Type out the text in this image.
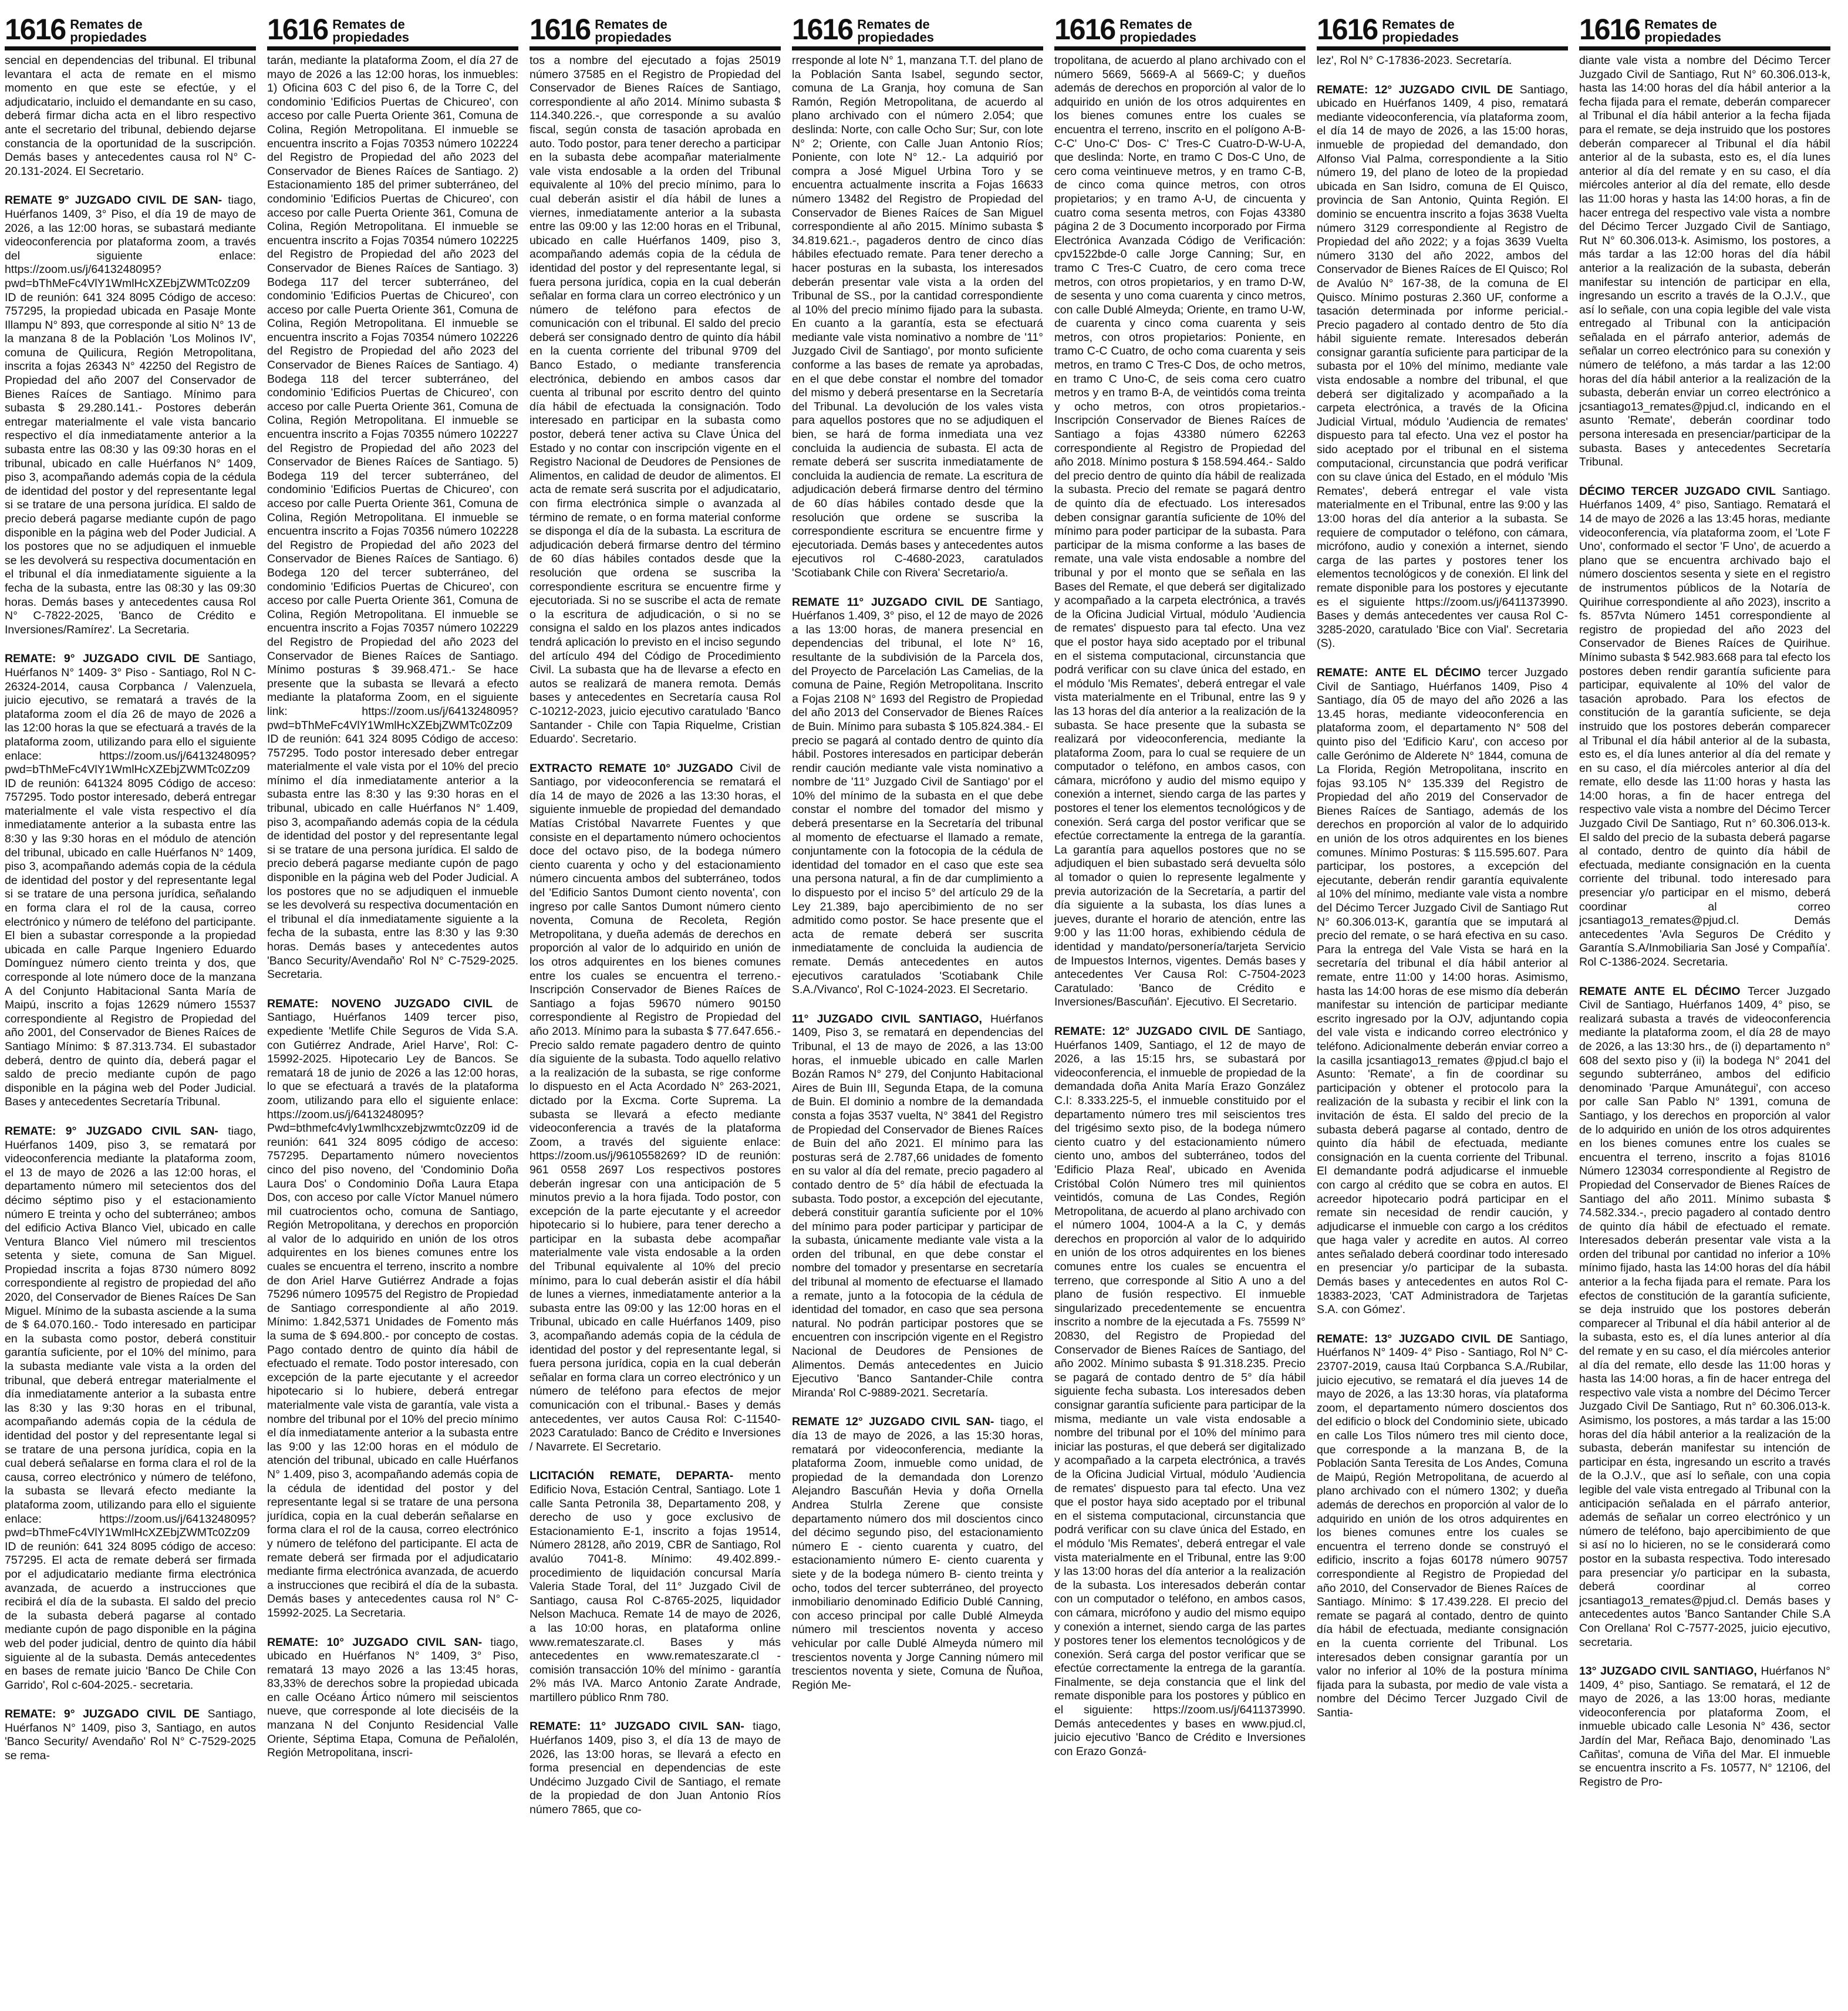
1616 Remates de
propiedades

sencial en dependencias del tribunal. El tribunal levantara el acta de remate en el mismo momento en que este se efectúe, y el adjudicatario, incluido el demandante en su caso, deberá firmar dicha acta en el libro respectivo ante el secretario del tribunal, debiendo dejarse constancia de la oportunidad de la suscripción. Demás bases y antecedentes causa rol N° C-20.131-2024. El Secretario.

REMATE 9° JUZGADO CIVIL DE SAN- tiago, Huérfanos 1409, 3° Piso, el día 19 de mayo de 2026, a las 12:00 horas, se subastará mediante videoconferencia por plataforma zoom, a través del siguiente enlace: https://zoom.us/j/6413248095?pwd=bThMeFc4VlY1WmlHcXZEbjZWMTc0Zz09 ID de reunión: 641 324 8095 Código de acceso: 757295, la propiedad ubicada en Pasaje Monte Illampu N° 893, que corresponde al sitio N° 13 de la manzana 8 de la Población 'Los Molinos IV', comuna de Quilicura, Región Metropolitana, inscrita a fojas 26343 N° 42250 del Registro de Propiedad del año 2007 del Conservador de Bienes Raíces de Santiago. Mínimo para subasta $ 29.280.141.- Postores deberán entregar materialmente el vale vista bancario respectivo el día inmediatamente anterior a la subasta entre las 08:30 y las 09:30 horas en el tribunal, ubicado en calle Huérfanos N° 1409, piso 3, acompañando además copia de la cédula de identidad del postor y del representante legal si se tratare de una persona jurídica. El saldo de precio deberá pagarse mediante cupón de pago disponible en la página web del Poder Judicial. A los postores que no se adjudiquen el inmueble se les devolverá su respectiva documentación en el tribunal el día inmediatamente siguiente a la fecha de la subasta, entre las 08:30 y las 09:30 horas. Demás bases y antecedentes causa Rol N° C-7822-2025, 'Banco de Crédito e Inversiones/Ramírez'. La Secretaria.

REMATE: 9° JUZGADO CIVIL DE Santiago, Huérfanos N° 1409- 3° Piso - Santiago, Rol N C-26324-2014, causa Corpbanca / Valenzuela, juicio ejecutivo, se rematará a través de la plataforma zoom el día 26 de mayo de 2026 a las 12:00 horas la que se efectuará a través de la plataforma zoom, utilizando para ello el siguiente enlace: https://zoom.us/j/6413248095? pwd=bThMeFc4VlY1WmlHcXZEbjZWMTc0Zz09 ID de reunión: 641324 8095 Código de acceso: 757295. Todo postor interesado, deberá entregar materialmente el vale vista respectivo el día inmediatamente anterior a la subasta entre las 8:30 y las 9:30 horas en el módulo de atención del tribunal, ubicado en calle Huérfanos N° 1409, piso 3, acompañando además copia de la cédula de identidad del postor y del representante legal si se tratare de una persona jurídica, señalando en forma clara el rol de la causa, correo electrónico y número de teléfono del participante. El bien a subastar corresponde a la propiedad ubicada en calle Parque Ingeniero Eduardo Domínguez número ciento treinta y dos, que corresponde al lote número doce de la manzana A del Conjunto Habitacional Santa María de Maipú, inscrito a fojas 12629 número 15537 correspondiente al Registro de Propiedad del año 2001, del Conservador de Bienes Raíces de Santiago Mínimo: $ 87.313.734. El subastador deberá, dentro de quinto día, deberá pagar el saldo de precio mediante cupón de pago disponible en la página web del Poder Judicial. Bases y antecedentes Secretaría Tribunal.

REMATE: 9° JUZGADO CIVIL SAN- tiago, Huérfanos 1409, piso 3, se rematará por videoconferencia mediante la plataforma zoom, el 13 de mayo de 2026 a las 12:00 horas, el departamento número mil setecientos dos del décimo séptimo piso y el estacionamiento número E treinta y ocho del subterráneo; ambos del edificio Activa Blanco Viel, ubicado en calle Ventura Blanco Viel número mil trescientos setenta y siete, comuna de San Miguel. Propiedad inscrita a fojas 8730 número 8092 correspondiente al registro de propiedad del año 2020, del Conservador de Bienes Raíces De San Miguel. Mínimo de la subasta asciende a la suma de $ 64.070.160.- Todo interesado en participar en la subasta como postor, deberá constituir garantía suficiente, por el 10% del mínimo, para la subasta mediante vale vista a la orden del tribunal, que deberá entregar materialmente el día inmediatamente anterior a la subasta entre las 8:30 y las 9:30 horas en el tribunal, acompañando además copia de la cédula de identidad del postor y del representante legal si se tratare de una persona jurídica, copia en la cual deberá señalarse en forma clara el rol de la causa, correo electrónico y número de teléfono, la subasta se llevará efecto mediante la plataforma zoom, utilizando para ello el siguiente enlace: https://zoom.us/j/6413248095?pwd=bThmeFc4VlY1WmlHcXZEbjZWMTc0Zz09 ID de reunión: 641 324 8095 código de acceso: 757295. El acta de remate deberá ser firmada por el adjudicatario mediante firma electrónica avanzada, de acuerdo a instrucciones que recibirá el día de la subasta. El saldo del precio de la subasta deberá pagarse al contado mediante cupón de pago disponible en la página web del poder judicial, dentro de quinto día hábil siguiente al de la subasta. Demás antecedentes en bases de remate juicio 'Banco De Chile Con Garrido', Rol c-604-2025.- secretaria.

REMATE: 9° JUZGADO CIVIL DE Santiago, Huérfanos N° 1409, piso 3, Santiago, en autos 'Banco Security/ Avendaño' Rol N° C-7529-2025 se rema-

1616 Remates de
propiedades

tarán, mediante la plataforma Zoom, el día 27 de mayo de 2026 a las 12:00 horas, los inmuebles: 1) Oficina 603 C del piso 6, de la Torre C, del condominio 'Edificios Puertas de Chicureo', con acceso por calle Puerta Oriente 361, Comuna de Colina, Región Metropolitana. El inmueble se encuentra inscrito a Fojas 70353 número 102224 del Registro de Propiedad del año 2023 del Conservador de Bienes Raíces de Santiago. 2) Estacionamiento 185 del primer subterráneo, del condominio 'Edificios Puertas de Chicureo', con acceso por calle Puerta Oriente 361, Comuna de Colina, Región Metropolitana. El inmueble se encuentra inscrito a Fojas 70354 número 102225 del Registro de Propiedad del año 2023 del Conservador de Bienes Raíces de Santiago. 3) Bodega 117 del tercer subterráneo, del condominio 'Edificios Puertas de Chicureo', con acceso por calle Puerta Oriente 361, Comuna de Colina, Región Metropolitana. El inmueble se encuentra inscrito a Fojas 70354 número 102226 del Registro de Propiedad del año 2023 del Conservador de Bienes Raíces de Santiago. 4) Bodega 118 del tercer subterráneo, del condominio 'Edificios Puertas de Chicureo', con acceso por calle Puerta Oriente 361, Comuna de Colina, Región Metropolitana. El inmueble se encuentra inscrito a Fojas 70355 número 102227 del Registro de Propiedad del año 2023 del Conservador de Bienes Raíces de Santiago. 5) Bodega 119 del tercer subterráneo, del condominio 'Edificios Puertas de Chicureo', con acceso por calle Puerta Oriente 361, Comuna de Colina, Región Metropolitana. El inmueble se encuentra inscrito a Fojas 70356 número 102228 del Registro de Propiedad del año 2023 del Conservador de Bienes Raíces de Santiago. 6) Bodega 120 del tercer subterráneo, del condominio 'Edificios Puertas de Chicureo', con acceso por calle Puerta Oriente 361, Comuna de Colina, Región Metropolitana. El inmueble se encuentra inscrito a Fojas 70357 número 102229 del Registro de Propiedad del año 2023 del Conservador de Bienes Raíces de Santiago. Mínimo posturas $ 39.968.471.- Se hace presente que la subasta se llevará a efecto mediante la plataforma Zoom, en el siguiente link: https://zoom.us/j/6413248095? pwd=bThMeFc4VlY1WmlHcXZEbjZWMTc0Zz09 ID de reunión: 641 324 8095 Código de acceso: 757295. Todo postor interesado deber entregar materialmente el vale vista por el 10% del precio mínimo el día inmediatamente anterior a la subasta entre las 8:30 y las 9:30 horas en el tribunal, ubicado en calle Huérfanos N° 1.409, piso 3, acompañando además copia de la cédula de identidad del postor y del representante legal si se tratare de una persona jurídica. El saldo de precio deberá pagarse mediante cupón de pago disponible en la página web del Poder Judicial. A los postores que no se adjudiquen el inmueble se les devolverá su respectiva documentación en el tribunal el día inmediatamente siguiente a la fecha de la subasta, entre las 8:30 y las 9:30 horas. Demás bases y antecedentes autos 'Banco Security/Avendaño' Rol N° C-7529-2025. Secretaria.

REMATE: NOVENO JUZGADO CIVIL de Santiago, Huérfanos 1409 tercer piso, expediente 'Metlife Chile Seguros de Vida S.A. con Gutiérrez Andrade, Ariel Harve', Rol: C-15992-2025. Hipotecario Ley de Bancos. Se rematará 18 de junio de 2026 a las 12:00 horas, lo que se efectuará a través de la plataforma zoom, utilizando para ello el siguiente enlace: https://zoom.us/j/6413248095? Pwd=bthmefc4vly1wmlhcxzebjzwmtc0zz09 id de reunión: 641 324 8095 código de acceso: 757295. Departamento número novecientos cinco del piso noveno, del 'Condominio Doña Laura Dos' o Condominio Doña Laura Etapa Dos, con acceso por calle Víctor Manuel número mil cuatrocientos ocho, comuna de Santiago, Región Metropolitana, y derechos en proporción al valor de lo adquirido en unión de los otros adquirentes en los bienes comunes entre los cuales se encuentra el terreno, inscrito a nombre de don Ariel Harve Gutiérrez Andrade a fojas 75296 número 109575 del Registro de Propiedad de Santiago correspondiente al año 2019. Mínimo: 1.842,5371 Unidades de Fomento más la suma de $ 694.800.- por concepto de costas. Pago contado dentro de quinto día hábil de efectuado el remate. Todo postor interesado, con excepción de la parte ejecutante y el acreedor hipotecario si lo hubiere, deberá entregar materialmente vale vista de garantía, vale vista a nombre del tribunal por el 10% del precio mínimo el día inmediatamente anterior a la subasta entre las 9:00 y las 12:00 horas en el módulo de atención del tribunal, ubicado en calle Huérfanos N° 1.409, piso 3, acompañando además copia de la cédula de identidad del postor y del representante legal si se tratare de una persona jurídica, copia en la cual deberán señalarse en forma clara el rol de la causa, correo electrónico y número de teléfono del participante. El acta de remate deberá ser firmada por el adjudicatario mediante firma electrónica avanzada, de acuerdo a instrucciones que recibirá el día de la subasta. Demás bases y antecedentes causa rol N° C-15992-2025. La Secretaria.

REMATE: 10° JUZGADO CIVIL SAN- tiago, ubicado en Huérfanos N° 1409, 3° Piso, rematará 13 mayo 2026 a las 13:45 horas, 83,33% de derechos sobre la propiedad ubicada en calle Océano Ártico número mil seiscientos nueve, que corresponde al lote dieciséis de la manzana N del Conjunto Residencial Valle Oriente, Séptima Etapa, Comuna de Peñalolén, Región Metropolitana, inscri-

1616 Remates de
propiedades

tos a nombre del ejecutado a fojas 25019 número 37585 en el Registro de Propiedad del Conservador de Bienes Raíces de Santiago, correspondiente al año 2014. Mínimo subasta $ 114.340.226.-, que corresponde a su avalúo fiscal, según consta de tasación aprobada en auto. Todo postor, para tener derecho a participar en la subasta debe acompañar materialmente vale vista endosable a la orden del Tribunal equivalente al 10% del precio mínimo, para lo cual deberán asistir el día hábil de lunes a viernes, inmediatamente anterior a la subasta entre las 09:00 y las 12:00 horas en el Tribunal, ubicado en calle Huérfanos 1409, piso 3, acompañando además copia de la cédula de identidad del postor y del representante legal, si fuera persona jurídica, copia en la cual deberán señalar en forma clara un correo electrónico y un número de teléfono para efectos de comunicación con el tribunal. El saldo del precio deberá ser consignado dentro de quinto día hábil en la cuenta corriente del tribunal 9709 del Banco Estado, o mediante transferencia electrónica, debiendo en ambos casos dar cuenta al tribunal por escrito dentro del quinto día hábil de efectuada la consignación. Todo interesado en participar en la subasta como postor, deberá tener activa su Clave Única del Estado y no contar con inscripción vigente en el Registro Nacional de Deudores de Pensiones de Alimentos, en calidad de deudor de alimentos. El acta de remate será suscrita por el adjudicatario, con firma electrónica simple o avanzada al término de remate, o en forma material conforme se disponga el día de la subasta. La escritura de adjudicación deberá firmarse dentro del término de 60 días hábiles contados desde que la resolución que ordena se suscriba la correspondiente escritura se encuentre firme y ejecutoriada. Si no se suscribe el acta de remate o la escritura de adjudicación, o si no se consigna el saldo en los plazos antes indicados tendrá aplicación lo previsto en el inciso segundo del artículo 494 del Código de Procedimiento Civil. La subasta que ha de llevarse a efecto en autos se realizará de manera remota. Demás bases y antecedentes en Secretaría causa Rol C-10212-2023, juicio ejecutivo caratulado 'Banco Santander - Chile con Tapia Riquelme, Cristian Eduardo'. Secretario.

EXTRACTO REMATE 10° JUZGADO Civil de Santiago, por videoconferencia se rematará el día 14 de mayo de 2026 a las 13:30 horas, el siguiente inmueble de propiedad del demandado Matías Cristóbal Navarrete Fuentes y que consiste en el departamento número ochocientos doce del octavo piso, de la bodega número ciento cuarenta y ocho y del estacionamiento número cincuenta ambos del subterráneo, todos del 'Edificio Santos Dumont ciento noventa', con ingreso por calle Santos Dumont número ciento noventa, Comuna de Recoleta, Región Metropolitana, y dueña además de derechos en proporción al valor de lo adquirido en unión de los otros adquirentes en los bienes comunes entre los cuales se encuentra el terreno.- Inscripción Conservador de Bienes Raíces de Santiago a fojas 59670 número 90150 correspondiente al Registro de Propiedad del año 2013. Mínimo para la subasta $ 77.647.656.- Precio saldo remate pagadero dentro de quinto día siguiente de la subasta. Todo aquello relativo a la realización de la subasta, se rige conforme lo dispuesto en el Acta Acordado N° 263-2021, dictado por la Excma. Corte Suprema. La subasta se llevará a efecto mediante videoconferencia a través de la plataforma Zoom, a través del siguiente enlace: https://zoom.us/j/9610558269? ID de reunión: 961 0558 2697 Los respectivos postores deberán ingresar con una anticipación de 5 minutos previo a la hora fijada. Todo postor, con excepción de la parte ejecutante y el acreedor hipotecario si lo hubiere, para tener derecho a participar en la subasta debe acompañar materialmente vale vista endosable a la orden del Tribunal equivalente al 10% del precio mínimo, para lo cual deberán asistir el día hábil de lunes a viernes, inmediatamente anterior a la subasta entre las 09:00 y las 12:00 horas en el Tribunal, ubicado en calle Huérfanos 1409, piso 3, acompañando además copia de la cédula de identidad del postor y del representante legal, si fuera persona jurídica, copia en la cual deberán señalar en forma clara un correo electrónico y un número de teléfono para efectos de mejor comunicación con el tribunal.- Bases y demás antecedentes, ver autos Causa Rol: C-11540-2023 Caratulado: Banco de Crédito e Inversiones / Navarrete. El Secretario.

LICITACIÓN REMATE, DEPARTA- mento Edificio Nova, Estación Central, Santiago. Lote 1 calle Santa Petronila 38, Departamento 208, y derecho de uso y goce exclusivo de Estacionamiento E-1, inscrito a fojas 19514, Número 28128, año 2019, CBR de Santiago, Rol avalúo 7041-8. Mínimo: 49.402.899.- procedimiento de liquidación concursal María Valeria Stade Toral, del 11° Juzgado Civil de Santiago, causa Rol C-8765-2025, liquidador Nelson Machuca. Remate 14 de mayo de 2026, a las 10:00 horas, en plataforma online www.remateszarate.cl. Bases y más antecedentes en www.remateszarate.cl - comisión transacción 10% del mínimo - garantía 2% más IVA. Marco Antonio Zarate Andrade, martillero público Rnm 780.

REMATE: 11° JUZGADO CIVIL SAN- tiago, Huérfanos 1409, piso 3, el día 13 de mayo de 2026, las 13:00 horas, se llevará a efecto en forma presencial en dependencias de este Undécimo Juzgado Civil de Santiago, el remate de la propiedad de don Juan Antonio Ríos número 7865, que co-

1616 Remates de
propiedades

rresponde al lote N° 1, manzana T.T. del plano de la Población Santa Isabel, segundo sector, comuna de La Granja, hoy comuna de San Ramón, Región Metropolitana, de acuerdo al plano archivado con el número 2.054; que deslinda: Norte, con calle Ocho Sur; Sur, con lote N° 2; Oriente, con Calle Juan Antonio Ríos; Poniente, con lote N° 12.- La adquirió por compra a José Miguel Urbina Toro y se encuentra actualmente inscrita a Fojas 16633 número 13482 del Registro de Propiedad del Conservador de Bienes Raíces de San Miguel correspondiente al año 2015. Mínimo subasta $ 34.819.621.-, pagaderos dentro de cinco días hábiles efectuado remate. Para tener derecho a hacer posturas en la subasta, los interesados deberán presentar vale vista a la orden del Tribunal de SS., por la cantidad correspondiente al 10% del precio mínimo fijado para la subasta. En cuanto a la garantía, esta se efectuará mediante vale vista nominativo a nombre de '11° Juzgado Civil de Santiago', por monto suficiente conforme a las bases de remate ya aprobadas, en el que debe constar el nombre del tomador del mismo y deberá presentarse en la Secretaría del Tribunal. La devolución de los vales vista para aquellos postores que no se adjudiquen el bien, se hará de forma inmediata una vez concluida la audiencia de subasta. El acta de remate deberá ser suscrita inmediatamente de concluida la audiencia de remate. La escritura de adjudicación deberá firmarse dentro del término de 60 días hábiles contado desde que la resolución que ordene se suscriba la correspondiente escritura se encuentre firme y ejecutoriada. Demás bases y antecedentes autos ejecutivos rol C-4680-2023, caratulados 'Scotiabank Chile con Rivera' Secretario/a.

REMATE 11° JUZGADO CIVIL DE Santiago, Huérfanos 1.409, 3° piso, el 12 de mayo de 2026 a las 13:00 horas, de manera presencial en dependencias del tribunal, el lote N° 16, resultante de la subdivisión de la Parcela dos, del Proyecto de Parcelación Las Camelias, de la comuna de Paine, Región Metropolitana. Inscrito a Fojas 2108 N° 1693 del Registro de Propiedad del año 2013 del Conservador de Bienes Raíces de Buin. Mínimo para subasta $ 105.824.384.- El precio se pagará al contado dentro de quinto día hábil. Postores interesados en participar deberán rendir caución mediante vale vista nominativo a nombre de '11° Juzgado Civil de Santiago' por el 10% del mínimo de la subasta en el que debe constar el nombre del tomador del mismo y deberá presentarse en la Secretaría del tribunal al momento de efectuarse el llamado a remate, conjuntamente con la fotocopia de la cédula de identidad del tomador en el caso que este sea una persona natural, a fin de dar cumplimiento a lo dispuesto por el inciso 5° del artículo 29 de la Ley 21.389, bajo apercibimiento de no ser admitido como postor. Se hace presente que el acta de remate deberá ser suscrita inmediatamente de concluida la audiencia de remate. Demás antecedentes en autos ejecutivos caratulados 'Scotiabank Chile S.A./Vivanco', Rol C-1024-2023. El Secretario.

11° JUZGADO CIVIL SANTIAGO, Huérfanos 1409, Piso 3, se rematará en dependencias del Tribunal, el 13 de mayo de 2026, a las 13:00 horas, el inmueble ubicado en calle Marlen Bozán Ramos N° 279, del Conjunto Habitacional Aires de Buin III, Segunda Etapa, de la comuna de Buin. El dominio a nombre de la demandada consta a fojas 3537 vuelta, N° 3841 del Registro de Propiedad del Conservador de Bienes Raíces de Buin del año 2021. El mínimo para las posturas será de 2.787,66 unidades de fomento en su valor al día del remate, precio pagadero al contado dentro de 5° día hábil de efectuada la subasta. Todo postor, a excepción del ejecutante, deberá constituir garantía suficiente por el 10% del mínimo para poder participar y participar de la subasta, únicamente mediante vale vista a la orden del tribunal, en que debe constar el nombre del tomador y presentarse en secretaría del tribunal al momento de efectuarse el llamado a remate, junto a la fotocopia de la cédula de identidad del tomador, en caso que sea persona natural. No podrán participar postores que se encuentren con inscripción vigente en el Registro Nacional de Deudores de Pensiones de Alimentos. Demás antecedentes en Juicio Ejecutivo 'Banco Santander-Chile contra Miranda' Rol C-9889-2021. Secretaría.

REMATE 12° JUZGADO CIVIL SAN- tiago, el día 13 de mayo de 2026, a las 15:30 horas, rematará por videoconferencia, mediante la plataforma Zoom, inmueble como unidad, de propiedad de la demandada don Lorenzo Alejandro Bascuñán Hevia y doña Ornella Andrea Stulrla Zerene que consiste departamento número dos mil doscientos cinco del décimo segundo piso, del estacionamiento número E - ciento cuarenta y cuatro, del estacionamiento número E- ciento cuarenta y siete y de la bodega número B- ciento treinta y ocho, todos del tercer subterráneo, del proyecto inmobiliario denominado Edificio Dublé Canning, con acceso principal por calle Dublé Almeyda número mil trescientos noventa y acceso vehicular por calle Dublé Almeyda número mil trescientos noventa y Jorge Canning número mil trescientos noventa y siete, Comuna de Ñuñoa, Región Me-

1616 Remates de
propiedades

tropolitana, de acuerdo al plano archivado con el número 5669, 5669-A al 5669-C; y dueños además de derechos en proporción al valor de lo adquirido en unión de los otros adquirentes en los bienes comunes entre los cuales se encuentra el terreno, inscrito en el polígono A-B-C-C' Uno-C' Dos- C' Tres-C Cuatro-D-W-U-A, que deslinda: Norte, en tramo C Dos-C Uno, de cero coma veintinueve metros, y en tramo C-B, de cinco coma quince metros, con otros propietarios; y en tramo A-U, de cincuenta y cuatro coma sesenta metros, con Fojas 43380 página 2 de 3 Documento incorporado por Firma Electrónica Avanzada Código de Verificación: cpv1522bde-0 calle Jorge Canning; Sur, en tramo C Tres-C Cuatro, de cero coma trece metros, con otros propietarios, y en tramo D-W, de sesenta y uno coma cuarenta y cinco metros, con calle Dublé Almeyda; Oriente, en tramo U-W, de cuarenta y cinco coma cuarenta y seis metros, con otros propietarios: Poniente, en tramo C-C Cuatro, de ocho coma cuarenta y seis metros, en tramo C Tres-C Dos, de ocho metros, en tramo C Uno-C, de seis coma cero cuatro metros y en tramo B-A, de veintidós coma treinta y ocho metros, con otros propietarios.- Inscripción Conservador de Bienes Raíces de Santiago a fojas 43380 número 62263 correspondiente al Registro de Propiedad del año 2018. Mínimo postura $ 158.594.464.- Saldo del precio dentro de quinto día hábil de realizada la subasta. Precio del remate se pagará dentro de quinto día de efectuado. Los interesados deben consignar garantía suficiente de 10% del mínimo para poder participar de la subasta. Para participar de la misma conforme a las bases de remate, una vale vista endosable a nombre del tribunal y por el monto que se señala en las Bases del Remate, el que deberá ser digitalizado y acompañado a la carpeta electrónica, a través de la Oficina Judicial Virtual, módulo 'Audiencia de remates' dispuesto para tal efecto. Una vez que el postor haya sido aceptado por el tribunal en el sistema computacional, circunstancia que podrá verificar con su clave única del estado, en el módulo 'Mis Remates', deberá entregar el vale vista materialmente en el Tribunal, entre las 9 y las 13 horas del día anterior a la realización de la subasta. Se hace presente que la subasta se realizará por videoconferencia, mediante la plataforma Zoom, para lo cual se requiere de un computador o teléfono, en ambos casos, con cámara, micrófono y audio del mismo equipo y conexión a internet, siendo carga de las partes y postores el tener los elementos tecnológicos y de conexión. Será carga del postor verificar que se efectúe correctamente la entrega de la garantía. La garantía para aquellos postores que no se adjudiquen el bien subastado será devuelta sólo al tomador o quien lo represente legalmente y previa autorización de la Secretaría, a partir del día siguiente a la subasta, los días lunes a jueves, durante el horario de atención, entre las 9:00 y las 11:00 horas, exhibiendo cédula de identidad y mandato/personería/tarjeta Servicio de Impuestos Internos, vigentes. Demás bases y antecedentes Ver Causa Rol: C-7504-2023 Caratulado: 'Banco de Crédito e Inversiones/Bascuñán'. Ejecutivo. El Secretario.

REMATE: 12° JUZGADO CIVIL DE Santiago, Huérfanos 1409, Santiago, el 12 de mayo de 2026, a las 15:15 hrs, se subastará por videoconferencia, el inmueble de propiedad de la demandada doña Anita María Erazo González C.I: 8.333.225-5, el inmueble constituido por el departamento número tres mil seiscientos tres del trigésimo sexto piso, de la bodega número ciento cuatro y del estacionamiento número ciento uno, ambos del subterráneo, todos del 'Edificio Plaza Real', ubicado en Avenida Cristóbal Colón Número tres mil quinientos veintidós, comuna de Las Condes, Región Metropolitana, de acuerdo al plano archivado con el número 1004, 1004-A a la C, y demás derechos en proporción al valor de lo adquirido en unión de los otros adquirentes en los bienes comunes entre los cuales se encuentra el terreno, que corresponde al Sitio A uno a del plano de fusión respectivo. El inmueble singularizado precedentemente se encuentra inscrito a nombre de la ejecutada a Fs. 75599 N° 20830, del Registro de Propiedad del Conservador de Bienes Raíces de Santiago, del año 2002. Mínimo subasta $ 91.318.235. Precio se pagará de contado dentro de 5° día hábil siguiente fecha subasta. Los interesados deben consignar garantía suficiente para participar de la misma, mediante un vale vista endosable a nombre del tribunal por el 10% del mínimo para iniciar las posturas, el que deberá ser digitalizado y acompañado a la carpeta electrónica, a través de la Oficina Judicial Virtual, módulo 'Audiencia de remates' dispuesto para tal efecto. Una vez que el postor haya sido aceptado por el tribunal en el sistema computacional, circunstancia que podrá verificar con su clave única del Estado, en el módulo 'Mis Remates', deberá entregar el vale vista materialmente en el Tribunal, entre las 9:00 y las 13:00 horas del día anterior a la realización de la subasta. Los interesados deberán contar con un computador o teléfono, en ambos casos, con cámara, micrófono y audio del mismo equipo y conexión a internet, siendo carga de las partes y postores tener los elementos tecnológicos y de conexión. Será carga del postor verificar que se efectúe correctamente la entrega de la garantía. Finalmente, se deja constancia que el link del remate disponible para los postores y público en el siguiente: https://zoom.us/j/6411373990. Demás antecedentes y bases en www.pjud.cl, juicio ejecutivo 'Banco de Crédito e Inversiones con Erazo Gonzá-

1616 Remates de
propiedades

lez', Rol N° C-17836-2023. Secretaría.

REMATE: 12° JUZGADO CIVIL DE Santiago, ubicado en Huérfanos 1409, 4 piso, rematará mediante videoconferencia, vía plataforma zoom, el día 14 de mayo de 2026, a las 15:00 horas, inmueble de propiedad del demandado, don Alfonso Vial Palma, correspondiente a la Sitio número 19, del plano de loteo de la propiedad ubicada en San Isidro, comuna de El Quisco, provincia de San Antonio, Quinta Región. El dominio se encuentra inscrito a fojas 3638 Vuelta número 3129 correspondiente al Registro de Propiedad del año 2022; y a fojas 3639 Vuelta número 3130 del año 2022, ambos del Conservador de Bienes Raíces de El Quisco; Rol de Avalúo N° 167-38, de la comuna de El Quisco. Mínimo posturas 2.360 UF, conforme a tasación determinada por informe pericial.- Precio pagadero al contado dentro de 5to día hábil siguiente remate. Interesados deberán consignar garantía suficiente para participar de la subasta por el 10% del mínimo, mediante vale vista endosable a nombre del tribunal, el que deberá ser digitalizado y acompañado a la carpeta electrónica, a través de la Oficina Judicial Virtual, módulo 'Audiencia de remates' dispuesto para tal efecto. Una vez el postor ha sido aceptado por el tribunal en el sistema computacional, circunstancia que podrá verificar con su clave única del Estado, en el módulo 'Mis Remates', deberá entregar el vale vista materialmente en el Tribunal, entre las 9:00 y las 13:00 horas del día anterior a la subasta. Se requiere de computador o teléfono, con cámara, micrófono, audio y conexión a internet, siendo carga de las partes y postores tener los elementos tecnológicos y de conexión. El link del remate disponible para los postores y ejecutante es el siguiente https://zoom.us/j/6411373990. Bases y demás antecedentes ver causa Rol C-3285-2020, caratulado 'Bice con Vial'. Secretaria (S).

REMATE: ANTE EL DÉCIMO tercer Juzgado Civil de Santiago, Huérfanos 1409, Piso 4 Santiago, día 05 de mayo del año 2026 a las 13.45 horas, mediante videoconferencia en plataforma zoom, el departamento N° 508 del quinto piso del 'Edificio Karu', con acceso por calle Gerónimo de Alderete N° 1844, comuna de La Florida, Región Metropolitana, inscrito en fojas 93.105 N° 135.339 del Registro de Propiedad del año 2019 del Conservador de Bienes Raíces de Santiago, además de los derechos en proporción al valor de lo adquirido en unión de los otros adquirentes en los bienes comunes. Mínimo Posturas: $ 115.595.607. Para participar, los postores, a excepción del ejecutante, deberán rendir garantía equivalente al 10% del mínimo, mediante vale vista a nombre del Décimo Tercer Juzgado Civil de Santiago Rut N° 60.306.013-K, garantía que se imputará al precio del remate, o se hará efectiva en su caso. Para la entrega del Vale Vista se hará en la secretaría del tribunal el día hábil anterior al remate, entre 11:00 y 14:00 horas. Asimismo, hasta las 14:00 horas de ese mismo día deberán manifestar su intención de participar mediante escrito ingresado por la OJV, adjuntando copia del vale vista e indicando correo electrónico y teléfono. Adicionalmente deberán enviar correo a la casilla jcsantiago13_remates @pjud.cl bajo el Asunto: 'Remate', a fin de coordinar su participación y obtener el protocolo para la realización de la subasta y recibir el link con la invitación de ésta. El saldo del precio de la subasta deberá pagarse al contado, dentro de quinto día hábil de efectuada, mediante consignación en la cuenta corriente del Tribunal. El demandante podrá adjudicarse el inmueble con cargo al crédito que se cobra en autos. El acreedor hipotecario podrá participar en el remate sin necesidad de rendir caución, y adjudicarse el inmueble con cargo a los créditos que haga valer y acredite en autos. Al correo antes señalado deberá coordinar todo interesado en presenciar y/o participar de la subasta. Demás bases y antecedentes en autos Rol C-18383-2023, 'CAT Administradora de Tarjetas S.A. con Gómez'.

REMATE: 13° JUZGADO CIVIL DE Santiago, Huérfanos N° 1409- 4° Piso - Santiago, Rol N° C-23707-2019, causa Itaú Corpbanca S.A./Rubilar, juicio ejecutivo, se rematará el día jueves 14 de mayo de 2026, a las 13:30 horas, vía plataforma zoom, el departamento número doscientos dos del edificio o block del Condominio siete, ubicado en calle Los Tilos número tres mil ciento doce, que corresponde a la manzana B, de la Población Santa Teresita de Los Andes, Comuna de Maipú, Región Metropolitana, de acuerdo al plano archivado con el número 1302; y dueña además de derechos en proporción al valor de lo adquirido en unión de los otros adquirentes en los bienes comunes entre los cuales se encuentra el terreno donde se construyó el edificio, inscrito a fojas 60178 número 90757 correspondiente al Registro de Propiedad del año 2010, del Conservador de Bienes Raíces de Santiago. Mínimo: $ 17.439.228. El precio del remate se pagará al contado, dentro de quinto día hábil de efectuada, mediante consignación en la cuenta corriente del Tribunal. Los interesados deben consignar garantía por un valor no inferior al 10% de la postura mínima fijada para la subasta, por medio de vale vista a nombre del Décimo Tercer Juzgado Civil de Santia-

1616 Remates de
propiedades

diante vale vista a nombre del Décimo Tercer Juzgado Civil de Santiago, Rut N° 60.306.013-k, hasta las 14:00 horas del día hábil anterior a la fecha fijada para el remate, deberán comparecer al Tribunal el día hábil anterior a la fecha fijada para el remate, se deja instruido que los postores deberán comparecer al Tribunal el día hábil anterior al de la subasta, esto es, el día lunes anterior al día del remate y en su caso, el día miércoles anterior al día del remate, ello desde las 11:00 horas y hasta las 14:00 horas, a fin de hacer entrega del respectivo vale vista a nombre del Décimo Tercer Juzgado Civil de Santiago, Rut N° 60.306.013-k. Asimismo, los postores, a más tardar a las 12:00 horas del día hábil anterior a la realización de la subasta, deberán manifestar su intención de participar en ella, ingresando un escrito a través de la O.J.V., que así lo señale, con una copia legible del vale vista entregado al Tribunal con la anticipación señalada en el párrafo anterior, además de señalar un correo electrónico para su conexión y número de teléfono, a más tardar a las 12:00 horas del día hábil anterior a la realización de la subasta, deberán enviar un correo electrónico a jcsantiago13_remates@pjud.cl, indicando en el asunto 'Remate', deberán coordinar todo persona interesada en presenciar/participar de la subasta. Bases y antecedentes Secretaría Tribunal.

DÉCIMO TERCER JUZGADO CIVIL Santiago. Huérfanos 1409, 4° piso, Santiago. Rematará el 14 de mayo de 2026 a las 13:45 horas, mediante videoconferencia, vía plataforma zoom, el 'Lote F Uno', conformado el sector 'F Uno', de acuerdo a plano que se encuentra archivado bajo el número doscientos sesenta y siete en el registro de instrumentos públicos de la Notaría de Quirihue correspondiente al año 2023), inscrito a fs. 857vta Número 1451 correspondiente al registro de propiedad del año 2023 del Conservador de Bienes Raíces de Quirihue. Mínimo subasta $ 542.983.668 para tal efecto los postores deben rendir garantía suficiente para participar, equivalente al 10% del valor de tasación aprobado. Para los efectos de constitución de la garantía suficiente, se deja instruido que los postores deberán comparecer al Tribunal el día hábil anterior al de la subasta, esto es, el día lunes anterior al día del remate y en su caso, el día miércoles anterior al día del remate, ello desde las 11:00 horas y hasta las 14:00 horas, a fin de hacer entrega del respectivo vale vista a nombre del Décimo Tercer Juzgado Civil De Santiago, Rut n° 60.306.013-k. El saldo del precio de la subasta deberá pagarse al contado, dentro de quinto día hábil de efectuada, mediante consignación en la cuenta corriente del tribunal. todo interesado para presenciar y/o participar en el mismo, deberá coordinar al correo jcsantiago13_remates@pjud.cl. Demás antecedentes 'Avla Seguros De Crédito y Garantía S.A/Inmobiliaria San José y Compañía'. Rol C-1386-2024. Secretaria.

REMATE ANTE EL DÉCIMO Tercer Juzgado Civil de Santiago, Huérfanos 1409, 4° piso, se realizará subasta a través de videoconferencia mediante la plataforma zoom, el día 28 de mayo de 2026, a las 13:30 hrs., de (i) departamento n° 608 del sexto piso y (ii) la bodega N° 2041 del segundo subterráneo, ambos del edificio denominado 'Parque Amunátegui', con acceso por calle San Pablo N° 1391, comuna de Santiago, y los derechos en proporción al valor de lo adquirido en unión de los otros adquirentes en los bienes comunes entre los cuales se encuentra el terreno, inscrito a fojas 81016 Número 123034 correspondiente al Registro de Propiedad del Conservador de Bienes Raíces de Santiago del año 2011. Mínimo subasta $ 74.582.334.-, precio pagadero al contado dentro de quinto día hábil de efectuado el remate. Interesados deberán presentar vale vista a la orden del tribunal por cantidad no inferior a 10% mínimo fijado, hasta las 14:00 horas del día hábil anterior a la fecha fijada para el remate. Para los efectos de constitución de la garantía suficiente, se deja instruido que los postores deberán comparecer al Tribunal el día hábil anterior al de la subasta, esto es, el día lunes anterior al día del remate y en su caso, el día miércoles anterior al día del remate, ello desde las 11:00 horas y hasta las 14:00 horas, a fin de hacer entrega del respectivo vale vista a nombre del Décimo Tercer Juzgado Civil De Santiago, Rut n° 60.306.013-k. Asimismo, los postores, a más tardar a las 15:00 horas del día hábil anterior a la realización de la subasta, deberán manifestar su intención de participar en ésta, ingresando un escrito a través de la O.J.V., que así lo señale, con una copia legible del vale vista entregado al Tribunal con la anticipación señalada en el párrafo anterior, además de señalar un correo electrónico y un número de teléfono, bajo apercibimiento de que si así no lo hicieren, no se le considerará como postor en la subasta respectiva. Todo interesado para presenciar y/o participar en la subasta, deberá coordinar al correo jcsantiago13_remates@pjud.cl. Demás bases y antecedentes autos 'Banco Santander Chile S.A Con Orellana' Rol C-7577-2025, juicio ejecutivo, secretaria.

13° JUZGADO CIVIL SANTIAGO, Huérfanos N° 1409, 4° piso, Santiago. Se rematará, el 12 de mayo de 2026, a las 13:00 horas, mediante videoconferencia por plataforma Zoom, el inmueble ubicado calle Lesonia N° 436, sector Jardín del Mar, Reñaca Bajo, denominado 'Las Cañitas', comuna de Viña del Mar. El inmueble se encuentra inscrito a Fs. 10577, N° 12106, del Registro de Pro-
